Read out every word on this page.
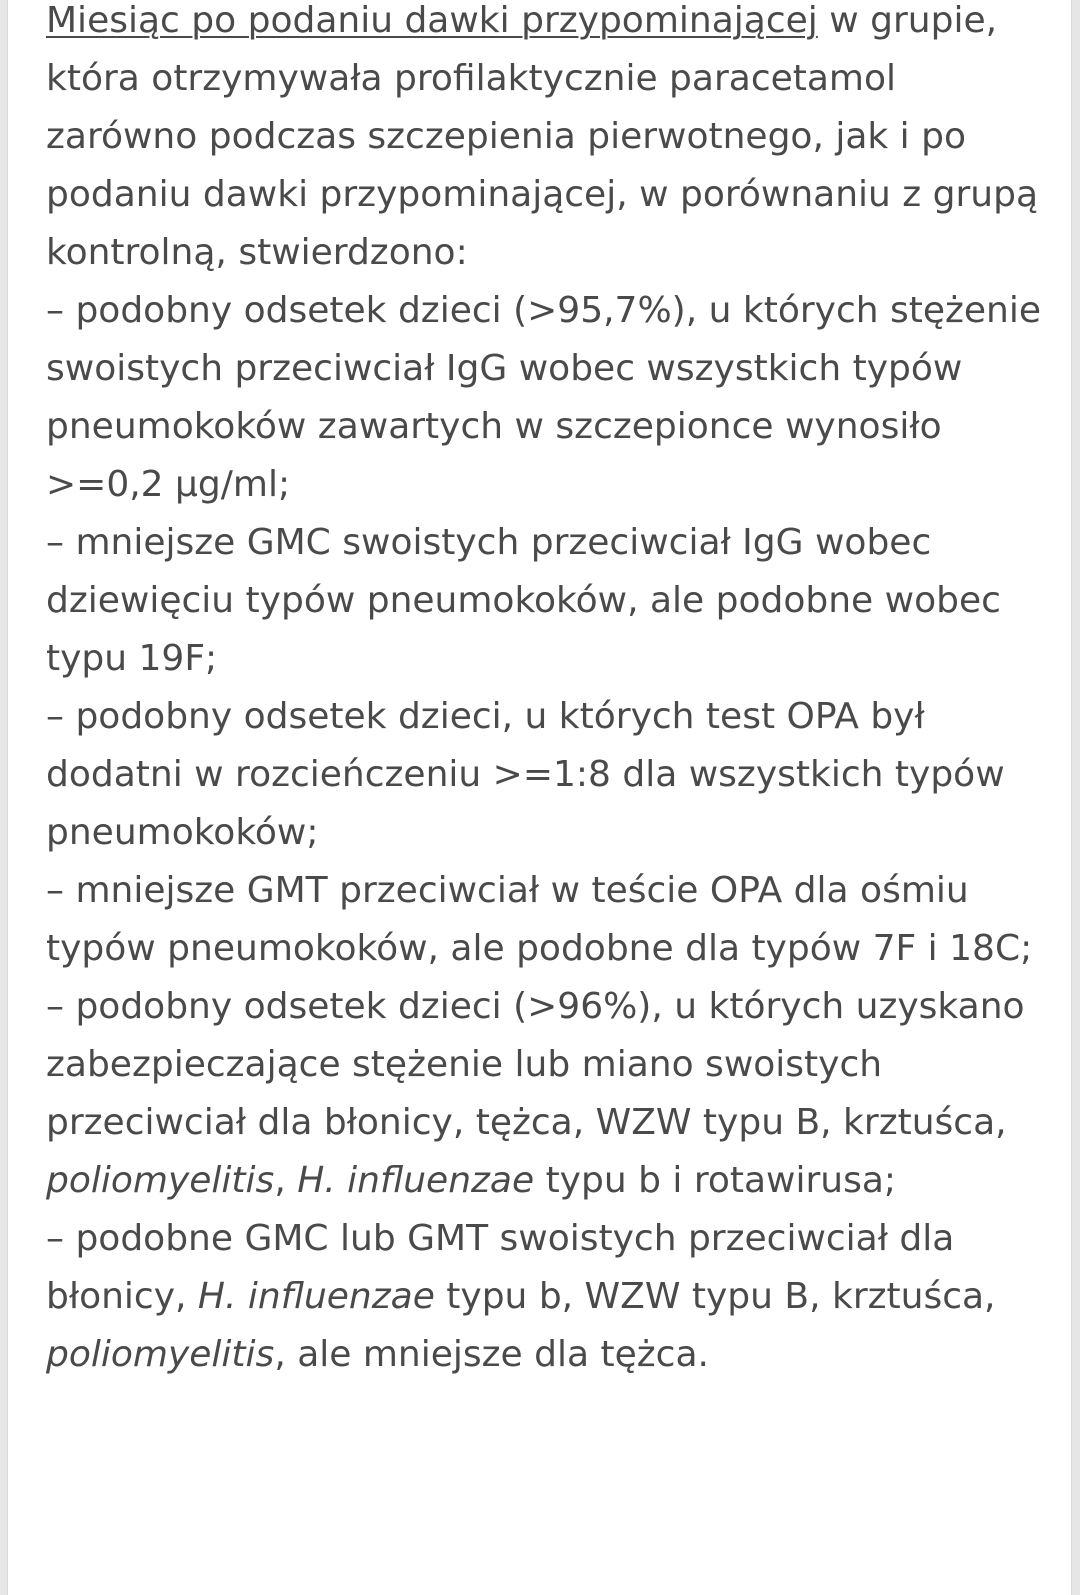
Miesiąc po podaniu dawki przypominającej w grupie, która otrzymywała profilaktycznie paracetamol zarówno podczas szczepienia pierwotnego, jak i po podaniu dawki przypominającej, w porównaniu z grupą kontrolną, stwierdzono:

– podobny odsetek dzieci (>95,7%), u których stężenie swoistych przeciwciał IgG wobec wszystkich typów pneumokoków zawartych w szczepionce wynosiło >=0,2 µg/ml;

– mniejsze GMC swoistych przeciwciał IgG wobec dziewięciu typów pneumokoków, ale podobne wobec typu 19F;

– podobny odsetek dzieci, u których test OPA był dodatni w rozcieńczeniu >=1:8 dla wszystkich typów pneumokoków;

– mniejsze GMT przeciwciał w teście OPA dla ośmiu typów pneumokoków, ale podobne dla typów 7F i 18C;

– podobny odsetek dzieci (>96%), u których uzyskano zabezpieczające stężenie lub miano swoistych przeciwciał dla błonicy, tężca, WZW typu B, krztuśca, poliomyelitis, H. influenzae typu b i rotawirusa;

– podobne GMC lub GMT swoistych przeciwciał dla błonicy, H. influenzae typu b, WZW typu B, krztuśca, poliomyelitis, ale mniejsze dla tężca.
